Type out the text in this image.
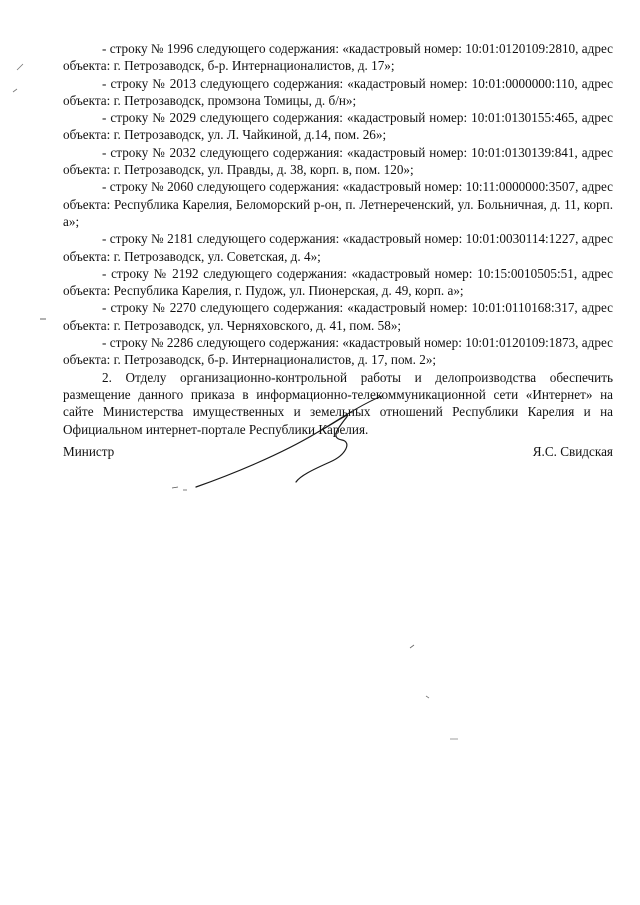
- строку № 1996 следующего содержания: «кадастровый номер: 10:01:0120109:2810, адрес объекта: г. Петрозаводск, б-р. Интернационалистов, д. 17»;

- строку № 2013 следующего содержания: «кадастровый номер: 10:01:0000000:110, адрес объекта: г. Петрозаводск, промзона Томицы, д. б/н»;

- строку № 2029 следующего содержания: «кадастровый номер: 10:01:0130155:465, адрес объекта: г. Петрозаводск, ул. Л. Чайкиной, д.14, пом. 26»;

- строку № 2032 следующего содержания: «кадастровый номер: 10:01:0130139:841, адрес объекта: г. Петрозаводск, ул. Правды, д. 38, корп. в, пом. 120»;

- строку № 2060 следующего содержания: «кадастровый номер: 10:11:0000000:3507, адрес объекта: Республика Карелия, Беломорский р-он, п. Летнереченский, ул. Больничная, д. 11, корп. а»;

- строку № 2181 следующего содержания: «кадастровый номер: 10:01:0030114:1227, адрес объекта: г. Петрозаводск, ул. Советская, д. 4»;

- строку № 2192 следующего содержания: «кадастровый номер: 10:15:0010505:51, адрес объекта: Республика Карелия, г. Пудож, ул. Пионерская, д. 49, корп. а»;

- строку № 2270 следующего содержания: «кадастровый номер: 10:01:0110168:317, адрес объекта: г. Петрозаводск, ул. Черняховского, д. 41, пом. 58»;

- строку № 2286 следующего содержания: «кадастровый номер: 10:01:0120109:1873, адрес объекта: г. Петрозаводск, б-р. Интернационалистов, д. 17, пом. 2»;

2. Отделу организационно-контрольной работы и делопроизводства обеспечить размещение данного приказа в информационно-телекоммуникационной сети «Интернет» на сайте Министерства имущественных и земельных отношений Республики Карелия и на Официальном интернет-портале Республики Карелия.

Министр	Я.С. Свидская
